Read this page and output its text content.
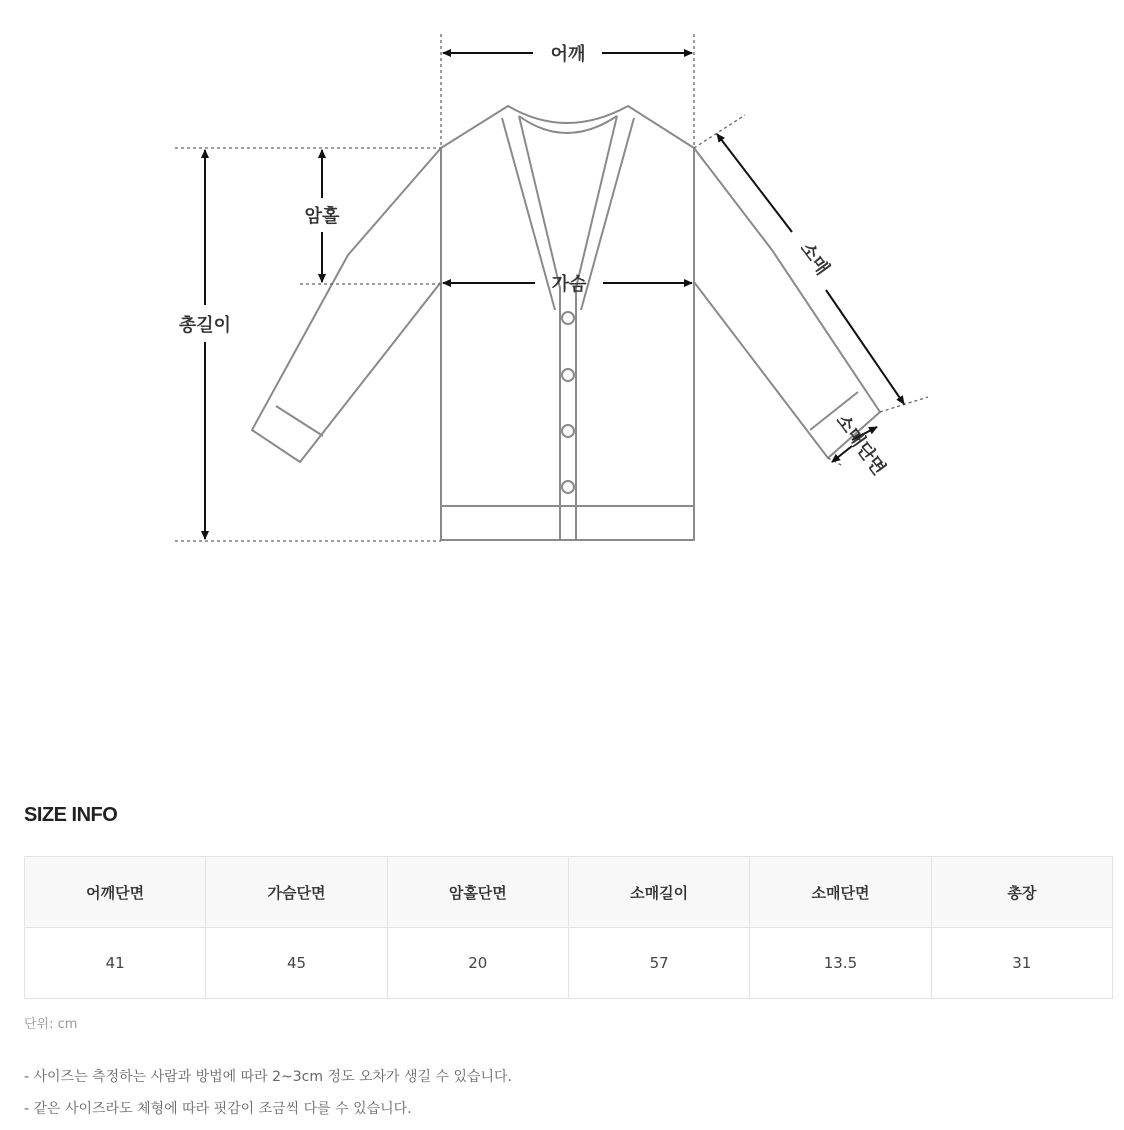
어깨
가슴
암홀
총길이
소매
소매단면
SIZE INFO
어깨단면	가슴단면	암홀단면	소매길이	소매단면	총장
41	45	20	57	13.5	31
단위: cm
- 사이즈는 측정하는 사람과 방법에 따라 2~3cm 정도 오차가 생길 수 있습니다.
- 같은 사이즈라도 체형에 따라 핏감이 조금씩 다를 수 있습니다.
